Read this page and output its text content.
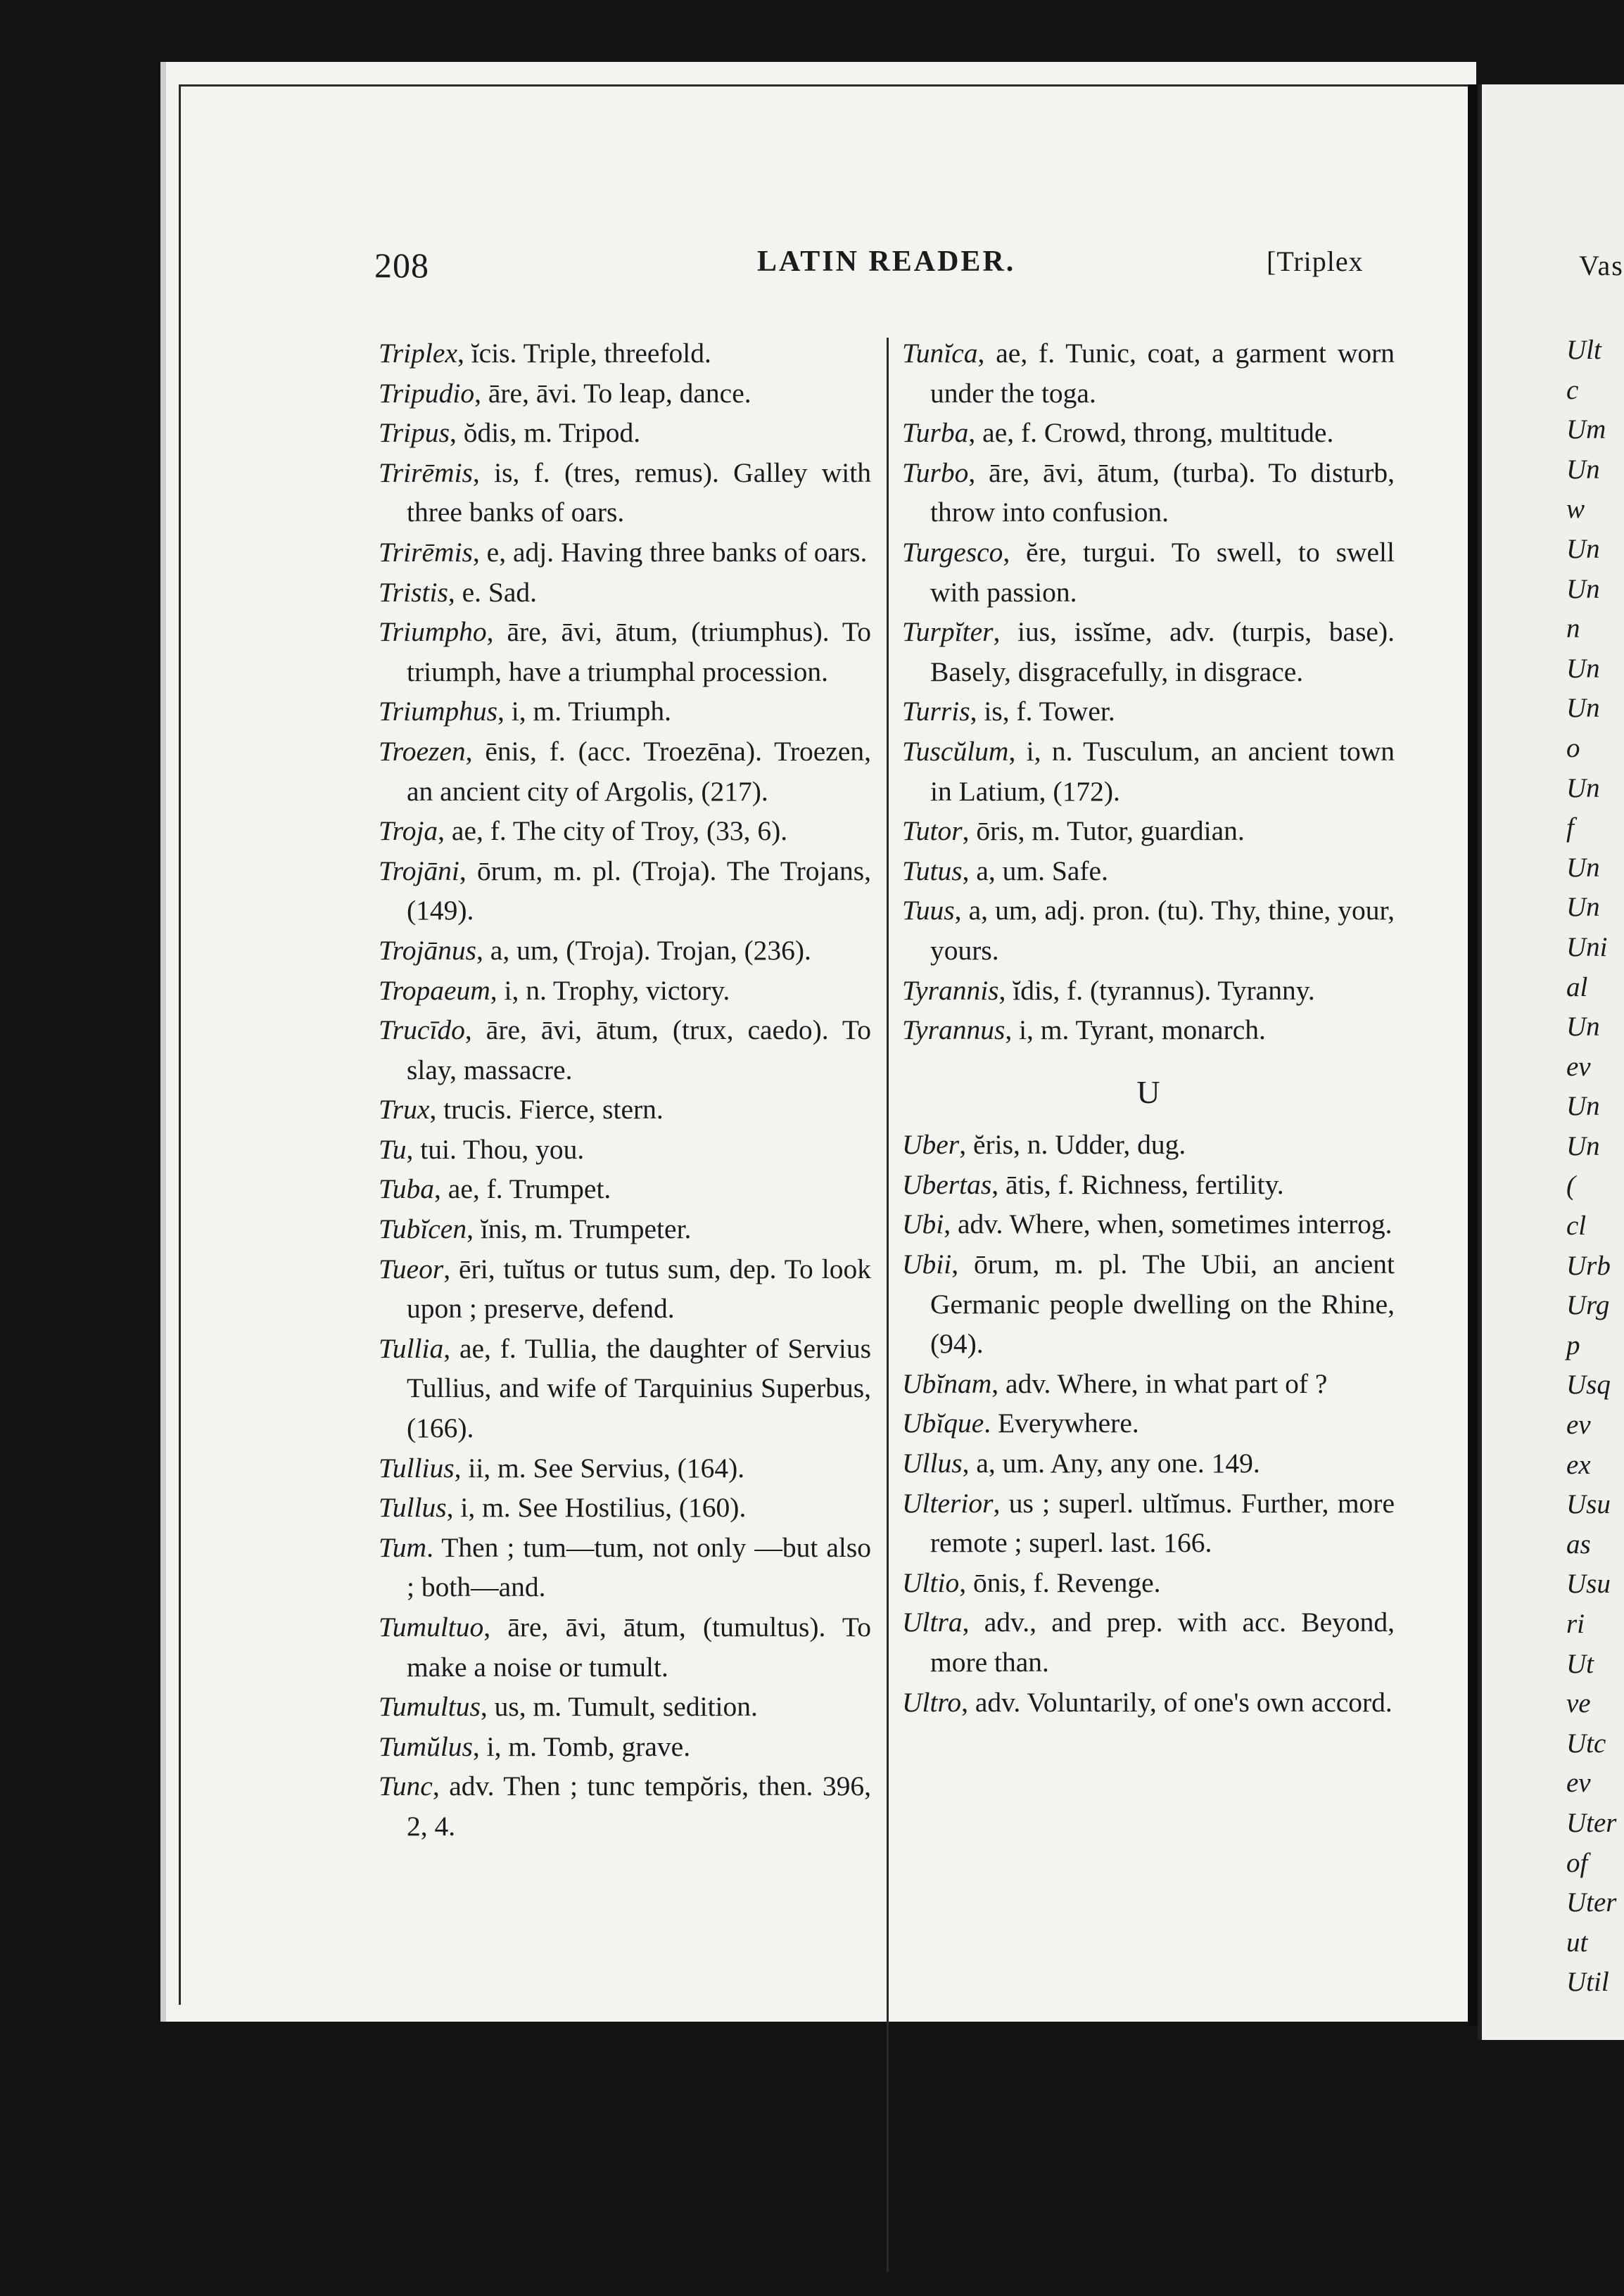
208	LATIN READER.	[Triplex

Triplex, ĭcis. Triple, threefold.

Tripudio, āre, āvi. To leap, dance.

Tripus, ŏdis, m. Tripod.

Trirēmis, is, f. (tres, remus). Galley with three banks of oars.

Trirēmis, e, adj. Having three banks of oars.

Tristis, e. Sad.

Triumpho, āre, āvi, ātum, (triumphus). To triumph, have a triumphal procession.

Triumphus, i, m. Triumph.

Troezen, ēnis, f. (acc. Troezēna). Troezen, an ancient city of Argolis, (217).

Troja, ae, f. The city of Troy, (33, 6).

Trojāni, ōrum, m. pl. (Troja). The Trojans, (149).

Trojānus, a, um, (Troja). Trojan, (236).

Tropaeum, i, n. Trophy, victory.

Trucīdo, āre, āvi, ātum, (trux, caedo). To slay, massacre.

Trux, trucis. Fierce, stern.

Tu, tui. Thou, you.

Tuba, ae, f. Trumpet.

Tubĭcen, ĭnis, m. Trumpeter.

Tueor, ēri, tuĭtus or tutus sum, dep. To look upon ; preserve, defend.

Tullia, ae, f. Tullia, the daughter of Servius Tullius, and wife of Tarquinius Superbus, (166).

Tullius, ii, m. See Servius, (164).

Tullus, i, m. See Hostilius, (160).

Tum. Then ; tum—tum, not only —but also ; both—and.

Tumultuo, āre, āvi, ātum, (tumultus). To make a noise or tumult.

Tumultus, us, m. Tumult, sedition.

Tumŭlus, i, m. Tomb, grave.

Tunc, adv. Then ; tunc tempŏris, then. 396, 2, 4.

Tunĭca, ae, f. Tunic, coat, a garment worn under the toga.

Turba, ae, f. Crowd, throng, multitude.

Turbo, āre, āvi, ātum, (turba). To disturb, throw into confusion.

Turgesco, ĕre, turgui. To swell, to swell with passion.

Turpĭter, ius, issĭme, adv. (turpis, base). Basely, disgracefully, in disgrace.

Turris, is, f. Tower.

Tuscŭlum, i, n. Tusculum, an ancient town in Latium, (172).

Tutor, ōris, m. Tutor, guardian.

Tutus, a, um. Safe.

Tuus, a, um, adj. pron. (tu). Thy, thine, your, yours.

Tyrannis, ĭdis, f. (tyrannus). Tyranny.

Tyrannus, i, m. Tyrant, monarch.

U

Uber, ĕris, n. Udder, dug.

Ubertas, ātis, f. Richness, fertility.

Ubi, adv. Where, when, sometimes interrog.

Ubii, ōrum, m. pl. The Ubii, an ancient Germanic people dwelling on the Rhine, (94).

Ubĭnam, adv. Where, in what part of ?

Ubĭque. Everywhere.

Ullus, a, um. Any, any one. 149.

Ulterior, us ; superl. ultĭmus. Further, more remote ; superl. last. 166.

Ultio, ōnis, f. Revenge.

Ultra, adv., and prep. with acc. Beyond, more than.

Ultro, adv. Voluntarily, of one's own accord.

Vas
Ult
c
Um
Un
w
Un
Un
n
Un
Un
o
Un
f
Un
Un
Uni
al
Un
ev
Un
Un
(
cl
Urb
Urg
p
Usq
ev
ex
Usu
as
Usu
ri
Ut
ve
Utc
ev
Uter
of
Uter
ut
Util
